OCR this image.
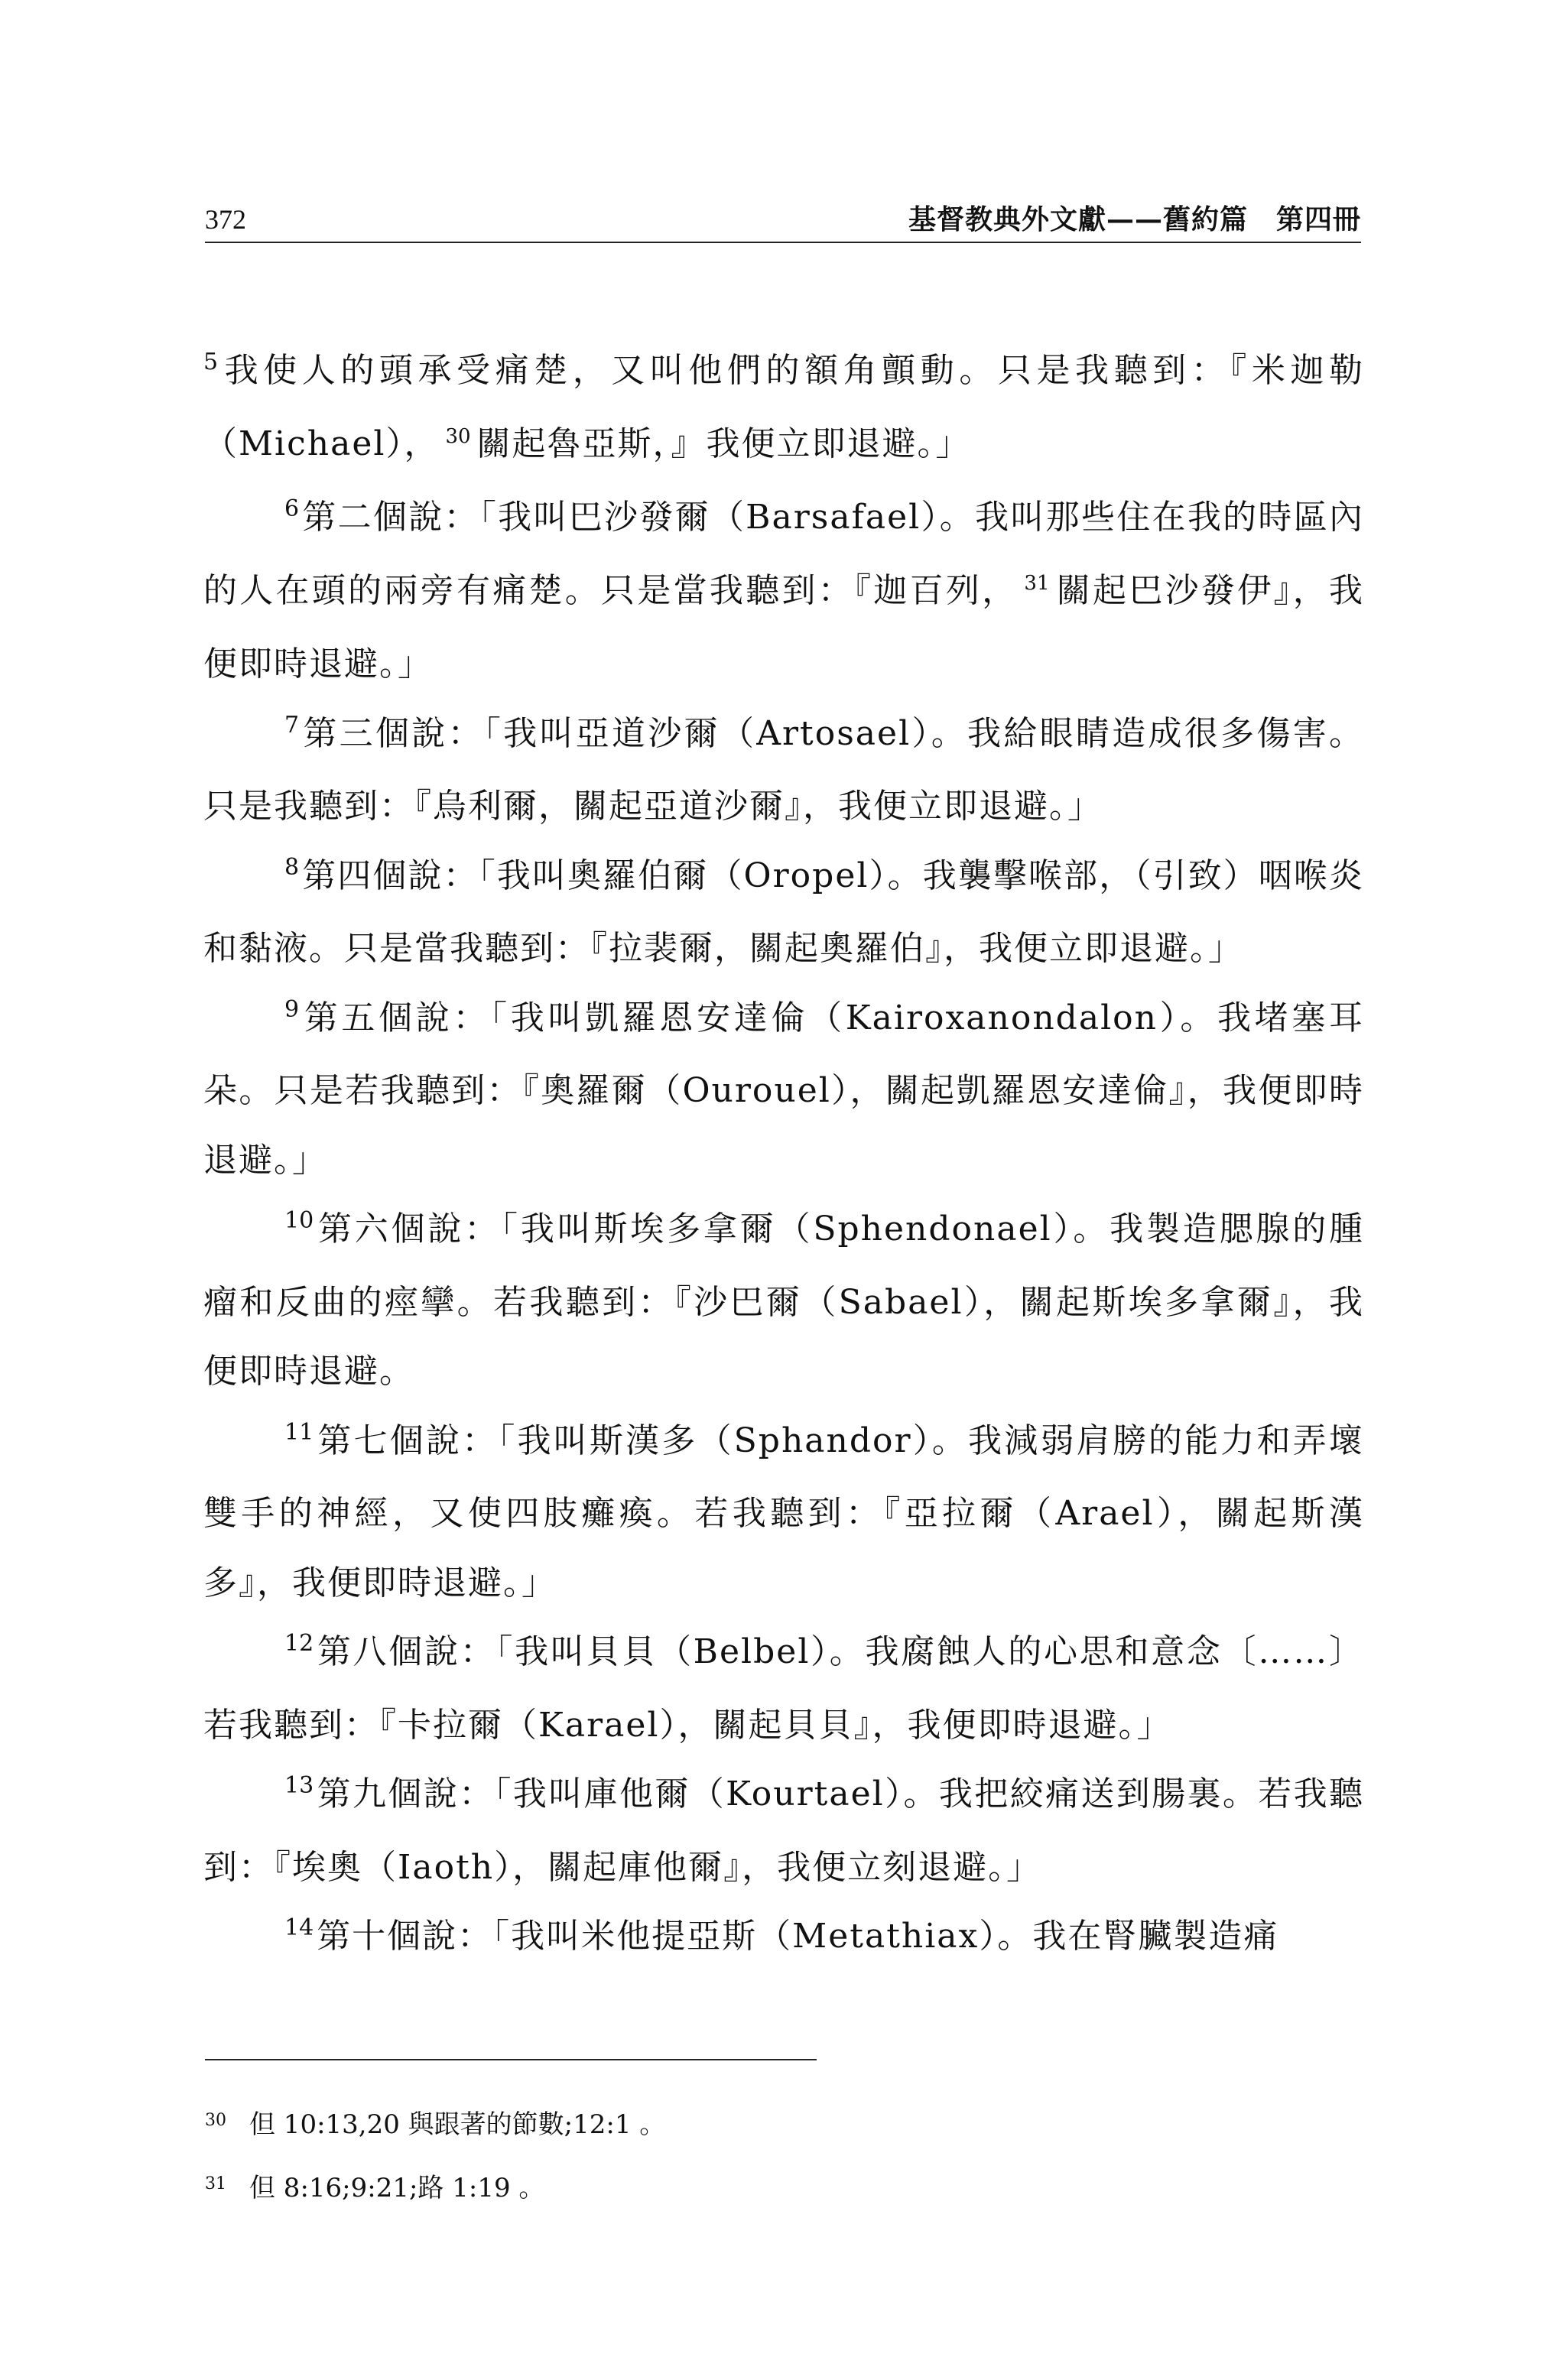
372	基督教典外文獻——舊約篇　第四冊

$^5$我使人的頭承受痛楚，又叫他們的額角顫動。只是我聽到：『米迦勒（Michael）， $^{30}$ 關起魯亞斯，』我便立即退避。」

$^6$第二個說：「我叫巴沙發爾（Barsafael）。我叫那些住在我的時區內的人在頭的兩旁有痛楚。只是當我聽到：『迦百列， $^{31}$ 關起巴沙發伊』，我便即時退避。」

$^7$第三個說：「我叫亞道沙爾（Artosael）。我給眼睛造成很多傷害。只是我聽到：『烏利爾，關起亞道沙爾』，我便立即退避。」

$^8$第四個說：「我叫奧羅伯爾（Oropel）。我襲擊喉部，（引致）咽喉炎和黏液。只是當我聽到：『拉裴爾，關起奧羅伯』，我便立即退避。」

$^9$第五個說：「我叫凱羅恩安達倫（Kairoxanondalon）。我堵塞耳朵。只是若我聽到：『奧羅爾（Ourouel），關起凱羅恩安達倫』，我便即時退避。」

$^{10}$第六個說：「我叫斯埃多拿爾（Sphendonael）。我製造腮腺的腫瘤和反曲的痙攣。若我聽到：『沙巴爾（Sabael），關起斯埃多拿爾』，我便即時退避。

$^{11}$第七個說：「我叫斯漢多（Sphandor）。我減弱肩膀的能力和弄壞雙手的神經，又使四肢癱瘓。若我聽到：『亞拉爾（Arael），關起斯漢多』，我便即時退避。」

$^{12}$第八個說：「我叫貝貝（Belbel）。我腐蝕人的心思和意念〔……〕若我聽到：『卡拉爾（Karael），關起貝貝』，我便即時退避。」

$^{13}$第九個說：「我叫庫他爾（Kourtael）。我把絞痛送到腸裏。若我聽到：『埃奧（Iaoth），關起庫他爾』，我便立刻退避。」

$^{14}$第十個說：「我叫米他提亞斯（Metathiax）。我在腎臟製造痛

30 但 10:13,20 與跟著的節數;12:1 。

31 但 8:16;9:21;路 1:19 。
